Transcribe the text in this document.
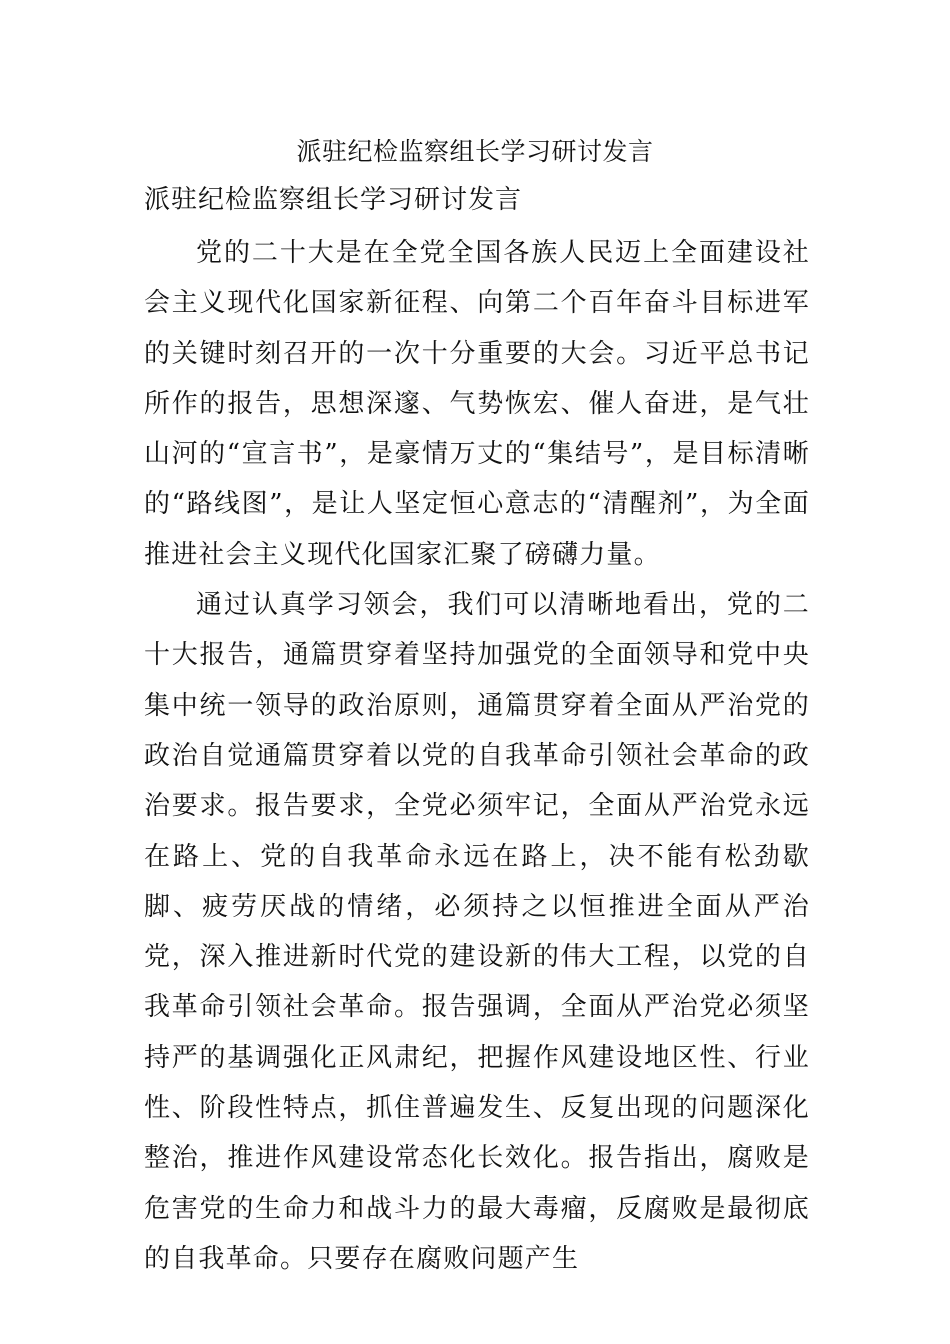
派驻纪检监察组长学习研讨发言
派驻纪检监察组长学习研讨发言

党的二十大是在全党全国各族人民迈上全面建设社会主义现代化国家新征程、向第二个百年奋斗目标进军的关键时刻召开的一次十分重要的大会。习近平总书记所作的报告，思想深邃、气势恢宏、催人奋进，是气壮山河的“宣言书”，是豪情万丈的“集结号”，是目标清晰的“路线图”，是让人坚定恒心意志的“清醒剂”，为全面推进社会主义现代化国家汇聚了磅礴力量。

通过认真学习领会，我们可以清晰地看出，党的二十大报告，通篇贯穿着坚持加强党的全面领导和党中央集中统一领导的政治原则，通篇贯穿着全面从严治党的政治自觉通篇贯穿着以党的自我革命引领社会革命的政治要求。报告要求，全党必须牢记，全面从严治党永远在路上、党的自我革命永远在路上，决不能有松劲歇脚、疲劳厌战的情绪，必须持之以恒推进全面从严治党，深入推进新时代党的建设新的伟大工程，以党的自我革命引领社会革命。报告强调，全面从严治党必须坚持严的基调强化正风肃纪，把握作风建设地区性、行业性、阶段性特点，抓住普遍发生、反复出现的问题深化整治，推进作风建设常态化长效化。报告指出，腐败是危害党的生命力和战斗力的最大毒瘤，反腐败是最彻底的自我革命。只要存在腐败问题产生
